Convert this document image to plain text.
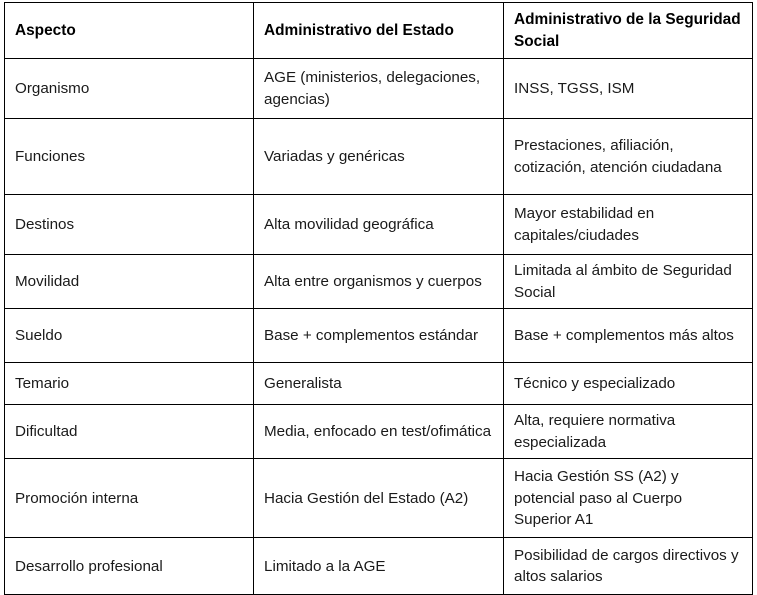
Aspecto	Administrativo del Estado	Administrativo de la Seguridad Social
Organismo	AGE (ministerios, delegaciones, agencias)	INSS, TGSS, ISM
Funciones	Variadas y genéricas	Prestaciones, afiliación, cotización, atención ciudadana
Destinos	Alta movilidad geográfica	Mayor estabilidad en capitales/ciudades
Movilidad	Alta entre organismos y cuerpos	Limitada al ámbito de Seguridad Social
Sueldo	Base + complementos estándar	Base + complementos más altos
Temario	Generalista	Técnico y especializado
Dificultad	Media, enfocado en test/ofimática	Alta, requiere normativa especializada
Promoción interna	Hacia Gestión del Estado (A2)	Hacia Gestión SS (A2) y potencial paso al Cuerpo Superior A1
Desarrollo profesional	Limitado a la AGE	Posibilidad de cargos directivos y altos salarios
